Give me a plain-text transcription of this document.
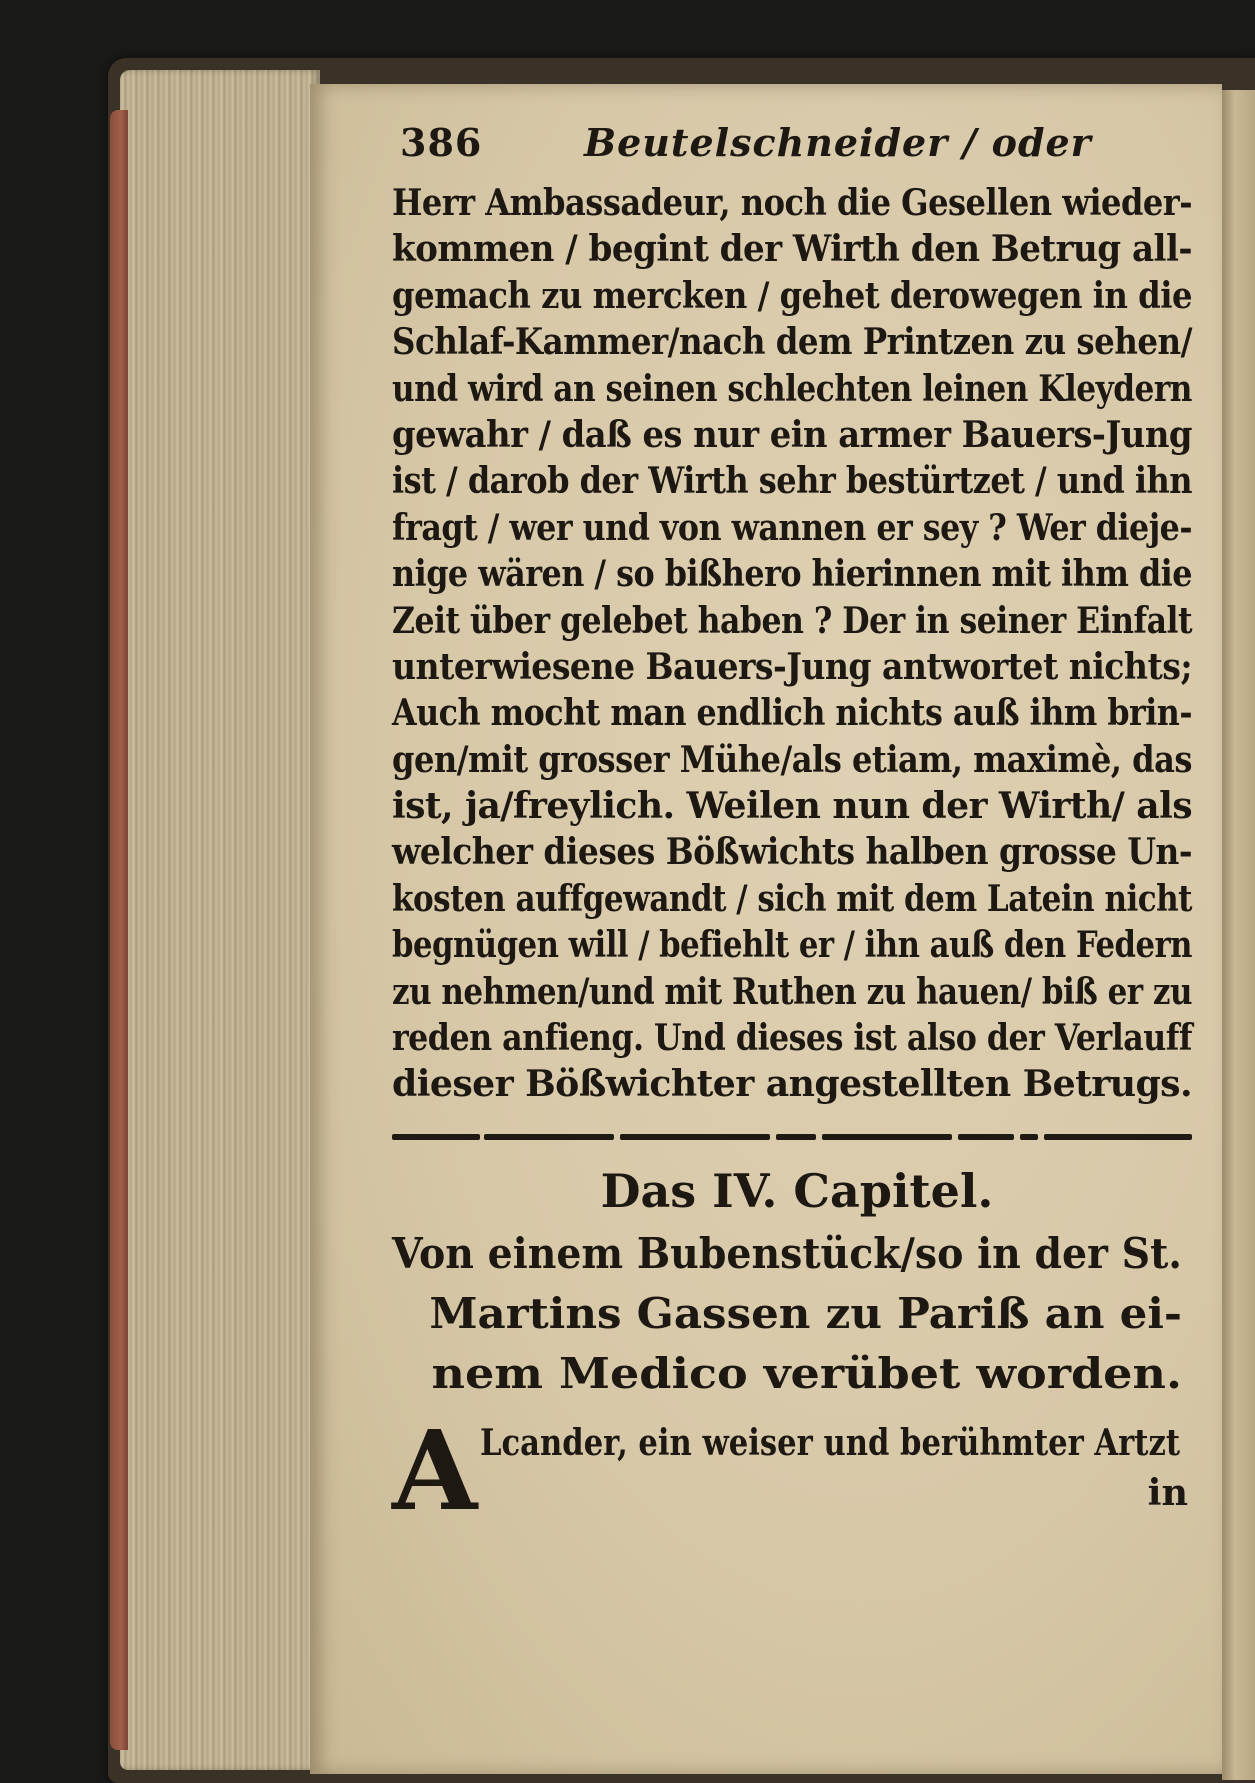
386	Beutelschneider / oder
Herr Ambassadeur, noch die Gesellen wieder-
kommen / begint der Wirth den Betrug all-
gemach zu mercken / gehet derowegen in die
Schlaf-Kammer/nach dem Printzen zu sehen/
und wird an seinen schlechten leinen Kleydern
gewahr / daß es nur ein armer Bauers-Jung
ist / darob der Wirth sehr bestürtzet / und ihn
fragt / wer und von wannen er sey ? Wer dieje-
nige wären / so bißhero hierinnen mit ihm die
Zeit über gelebet haben ? Der in seiner Einfalt
unterwiesene Bauers-Jung antwortet nichts;
Auch mocht man endlich nichts auß ihm brin-
gen/mit grosser Mühe/als etiam, maximè, das
ist, ja/freylich. Weilen nun der Wirth/ als
welcher dieses Bößwichts halben grosse Un-
kosten auffgewandt / sich mit dem Latein nicht
begnügen will / befiehlt er / ihn auß den Federn
zu nehmen/und mit Ruthen zu hauen/ biß er zu
reden anfieng. Und dieses ist also der Verlauff
dieser Bößwichter angestellten Betrugs.
Das IV. Capitel.
Von einem Bubenstück/so in der St.
Martins Gassen zu Pariß an ei-
nem Medico verübet worden.
A Lcander, ein weiser und berühmter Artzt
in
